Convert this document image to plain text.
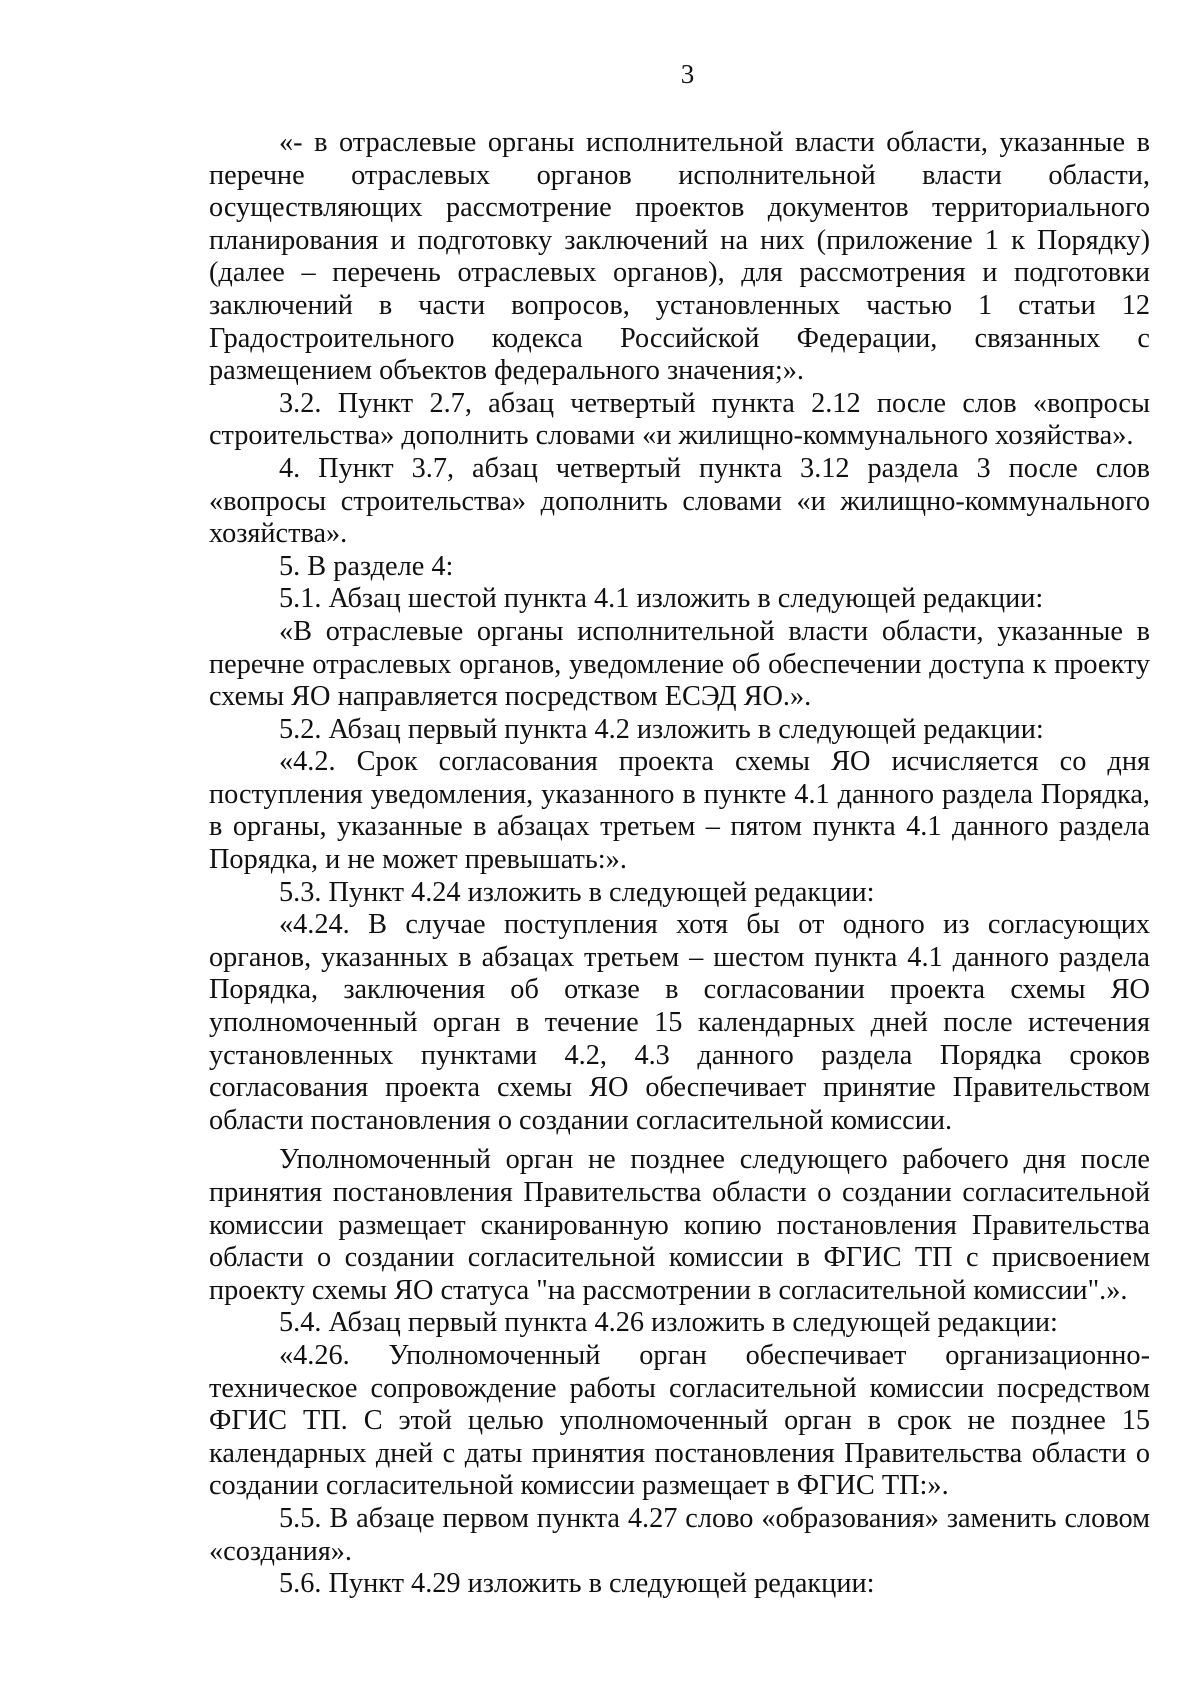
3

«- в отраслевые органы исполнительной власти области, указанные в перечне отраслевых органов исполнительной власти области, осуществляющих рассмотрение проектов документов территориального планирования и подготовку заключений на них (приложение 1 к Порядку) (далее – перечень отраслевых органов), для рассмотрения и подготовки заключений в части вопросов, установленных частью 1 статьи 12 Градостроительного кодекса Российской Федерации, связанных с размещением объектов федерального значения;».

3.2. Пункт 2.7, абзац четвертый пункта 2.12 после слов «вопросы строительства» дополнить словами «и жилищно-коммунального хозяйства».

4. Пункт 3.7, абзац четвертый пункта 3.12 раздела 3 после слов «вопросы строительства» дополнить словами «и жилищно-коммунального хозяйства».

5. В разделе 4:

5.1. Абзац шестой пункта 4.1 изложить в следующей редакции:

«В отраслевые органы исполнительной власти области, указанные в перечне отраслевых органов, уведомление об обеспечении доступа к проекту схемы ЯО направляется посредством ЕСЭД ЯО.».

5.2. Абзац первый пункта 4.2 изложить в следующей редакции:

«4.2. Срок согласования проекта схемы ЯО исчисляется со дня поступления уведомления, указанного в пункте 4.1 данного раздела Порядка, в органы, указанные в абзацах третьем – пятом пункта 4.1 данного раздела Порядка, и не может превышать:».

5.3. Пункт 4.24 изложить в следующей редакции:

«4.24. В случае поступления хотя бы от одного из согласующих органов, указанных в абзацах третьем – шестом пункта 4.1 данного раздела Порядка, заключения об отказе в согласовании проекта схемы ЯО уполномоченный орган в течение 15 календарных дней после истечения установленных пунктами 4.2, 4.3 данного раздела Порядка сроков согласования проекта схемы ЯО обеспечивает принятие Правительством области постановления о создании согласительной комиссии.

Уполномоченный орган не позднее следующего рабочего дня после принятия постановления Правительства области о создании согласительной комиссии размещает сканированную копию постановления Правительства области о создании согласительной комиссии в ФГИС ТП с присвоением проекту схемы ЯО статуса "на рассмотрении в согласительной комиссии".».

5.4. Абзац первый пункта 4.26 изложить в следующей редакции:

«4.26. Уполномоченный орган обеспечивает организационно-техническое сопровождение работы согласительной комиссии посредством ФГИС ТП. С этой целью уполномоченный орган в срок не позднее 15 календарных дней с даты принятия постановления Правительства области о создании согласительной комиссии размещает в ФГИС ТП:».

5.5. В абзаце первом пункта 4.27 слово «образования» заменить словом «создания».

5.6. Пункт 4.29 изложить в следующей редакции:
